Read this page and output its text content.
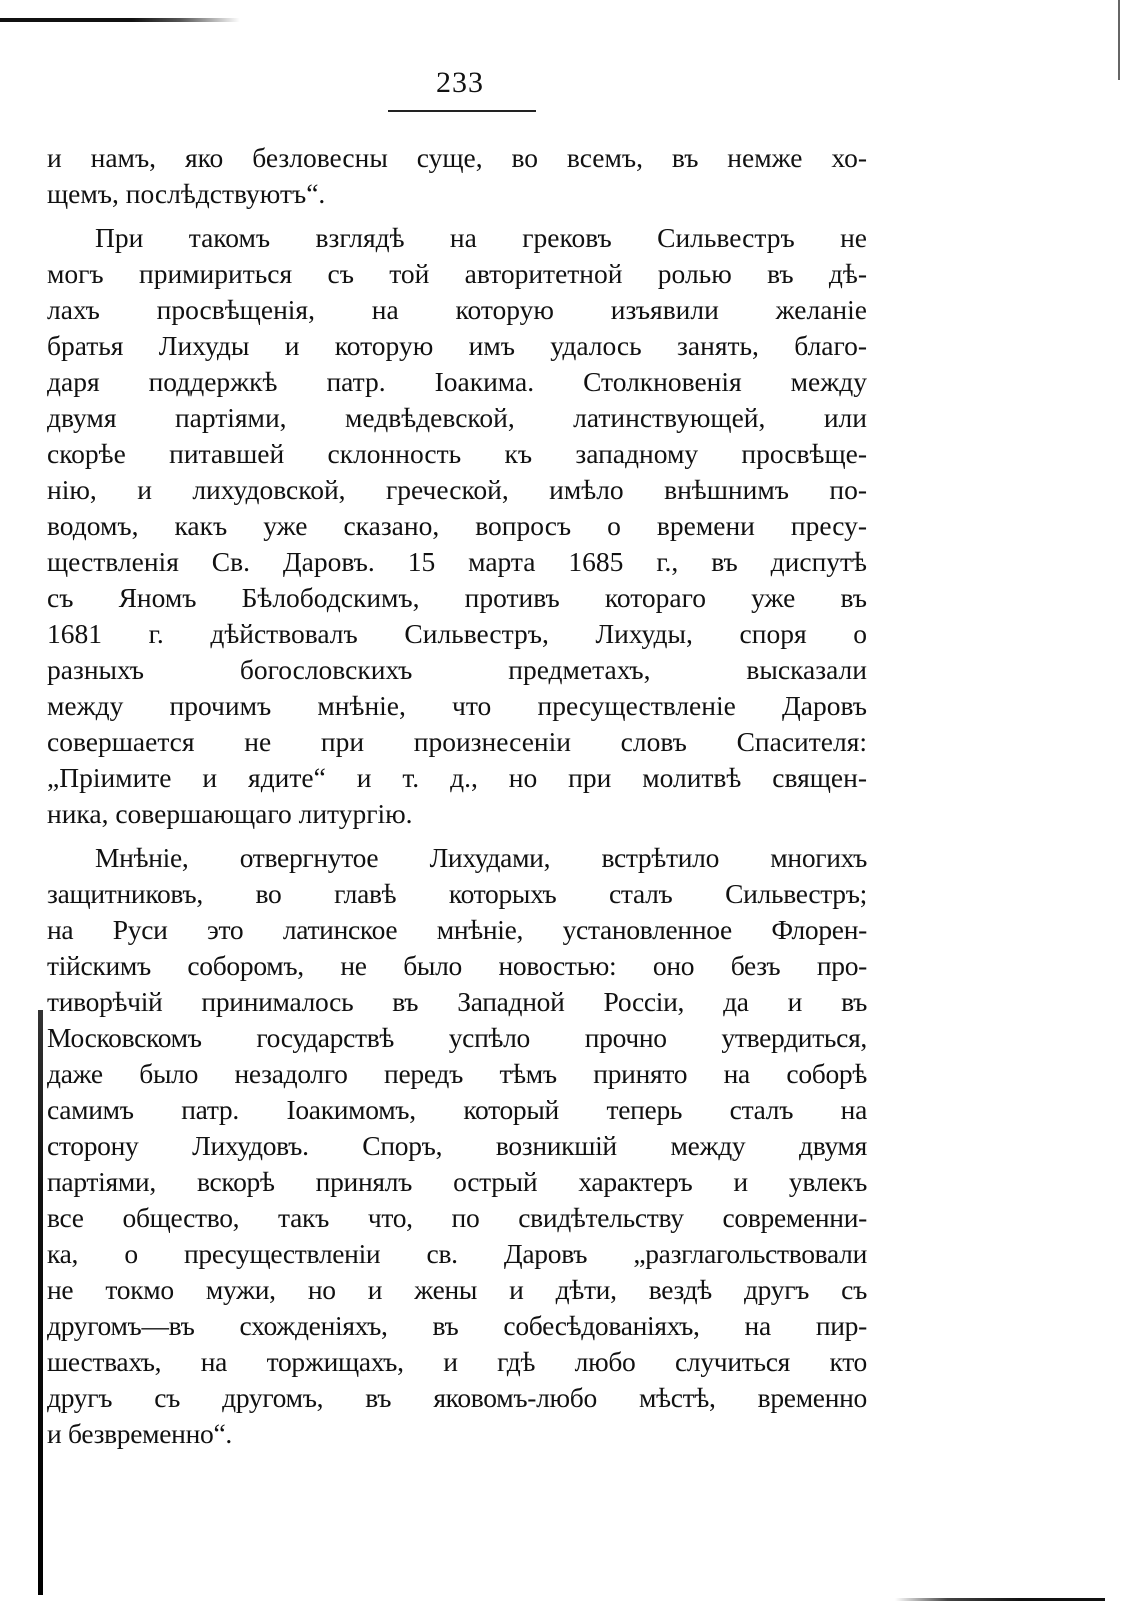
233
и намъ, яко безловесны суще, во всемъ, въ немже хо-
щемъ, послѣдствуютъ“.
При такомъ взглядѣ на грековъ Сильвестръ не
могъ примириться съ той авторитетной ролью въ дѣ-
лахъ просвѣщенія, на которую изъявили желаніе
братья Лихуды и которую имъ удалось занять, благо-
даря поддержкѣ патр. Іоакима. Столкновенія между
двумя партіями, медвѣдевской, латинствующей, или
скорѣе питавшей склонность къ западному просвѣще-
нію, и лихудовской, греческой, имѣло внѣшнимъ по-
водомъ, какъ уже сказано, вопросъ о времени пресу-
ществленія Св. Даровъ. 15 марта 1685 г., въ диспутѣ
съ Яномъ Бѣлободскимъ, противъ котораго уже въ
1681 г. дѣйствовалъ Сильвестръ, Лихуды, споря о
разныхъ богословскихъ предметахъ, высказали
между прочимъ мнѣніе, что пресуществленіе Даровъ
совершается не при произнесеніи словъ Спасителя:
„Пріимите и ядите“ и т. д., но при молитвѣ священ-
ника, совершающаго литургію.
Мнѣніе, отвергнутое Лихудами, встрѣтило многихъ
защитниковъ, во главѣ которыхъ сталъ Сильвестръ;
на Руси это латинское мнѣніе, установленное Флорен-
тійскимъ соборомъ, не было новостью: оно безъ про-
тиворѣчій принималось въ Западной Россіи, да и въ
Московскомъ государствѣ успѣло прочно утвердиться,
даже было незадолго передъ тѣмъ принято на соборѣ
самимъ патр. Іоакимомъ, который теперь сталъ на
сторону Лихудовъ. Споръ, возникшій между двумя
партіями, вскорѣ принялъ острый характеръ и увлекъ
все общество, такъ что, по свидѣтельству современни-
ка, о пресуществленіи св. Даровъ „разглагольствовали
не токмо мужи, но и жены и дѣти, вездѣ другъ съ
другомъ—въ схожденіяхъ, въ собесѣдованіяхъ, на пир-
шествахъ, на торжищахъ, и гдѣ любо случиться кто
другъ съ другомъ, въ яковомъ-любо мѣстѣ, временно
и безвременно“.
